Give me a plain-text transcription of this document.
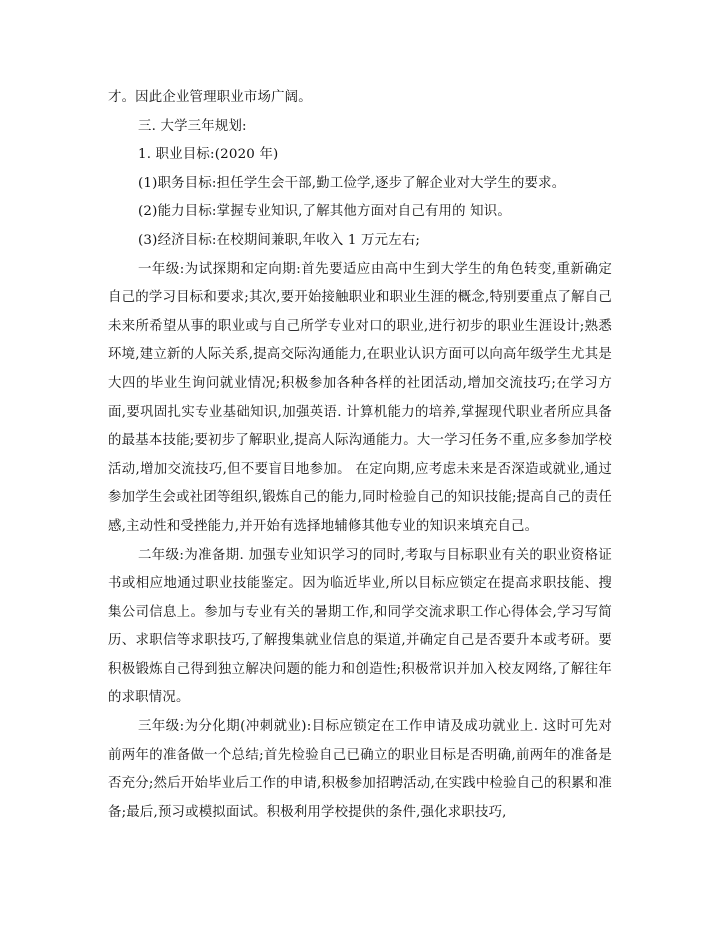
才。因此企业管理职业市场广阔。

三. 大学三年规划:

1. 职业目标:(2020 年)

(1)职务目标:担任学生会干部,勤工俭学,逐步了解企业对大学生的要求。

(2)能力目标:掌握专业知识,了解其他方面对自己有用的 知识。

(3)经济目标:在校期间兼职,年收入 1 万元左右;

一年级:为试探期和定向期:首先要适应由高中生到大学生的角色转变,重新确定自己的学习目标和要求;其次,要开始接触职业和职业生涯的概念,特别要重点了解自己未来所希望从事的职业或与自己所学专业对口的职业,进行初步的职业生涯设计;熟悉环境,建立新的人际关系,提高交际沟通能力,在职业认识方面可以向高年级学生尤其是大四的毕业生询问就业情况;积极参加各种各样的社团活动,增加交流技巧;在学习方面,要巩固扎实专业基础知识,加强英语. 计算机能力的培养,掌握现代职业者所应具备的最基本技能;要初步了解职业,提高人际沟通能力。大一学习任务不重,应多参加学校活动,增加交流技巧,但不要盲目地参加。 在定向期,应考虑未来是否深造或就业,通过参加学生会或社团等组织,锻炼自己的能力,同时检验自己的知识技能;提高自己的责任感,主动性和受挫能力,并开始有选择地辅修其他专业的知识来填充自己。

二年级:为准备期. 加强专业知识学习的同时,考取与目标职业有关的职业资格证书或相应地通过职业技能鉴定。因为临近毕业,所以目标应锁定在提高求职技能、搜集公司信息上。参加与专业有关的暑期工作,和同学交流求职工作心得体会,学习写简历、求职信等求职技巧,了解搜集就业信息的渠道,并确定自己是否要升本或考研。要积极锻炼自己得到独立解决问题的能力和创造性;积极常识并加入校友网络,了解往年的求职情况。

三年级:为分化期(冲刺就业):目标应锁定在工作申请及成功就业上. 这时可先对前两年的准备做一个总结;首先检验自己已确立的职业目标是否明确,前两年的准备是否充分;然后开始毕业后工作的申请,积极参加招聘活动,在实践中检验自己的积累和准备;最后,预习或模拟面试。积极利用学校提供的条件,强化求职技巧,
